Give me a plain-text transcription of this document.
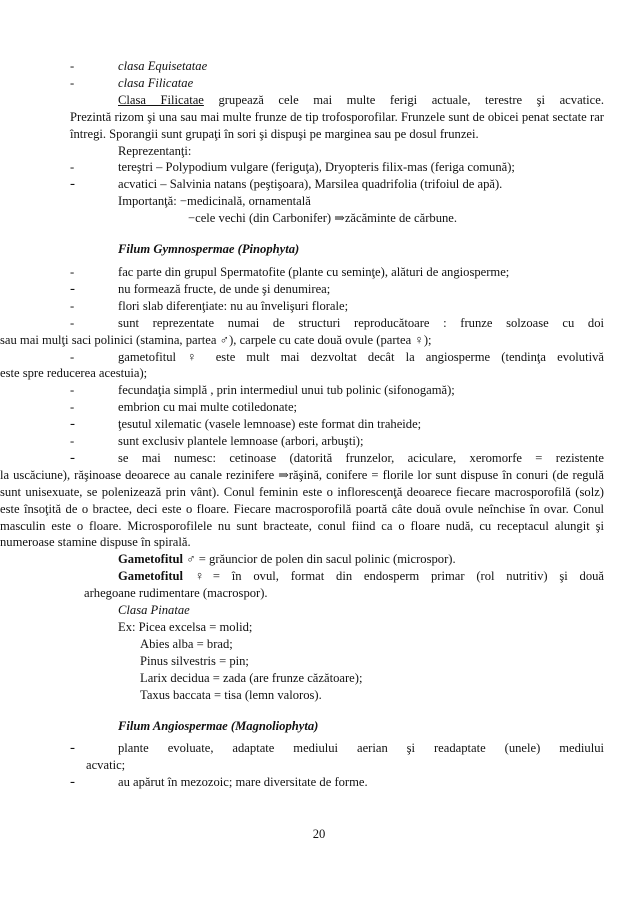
-	clasa Equisetatae
-	clasa Filicatae
Clasa Filicatae grupează cele mai multe ferigi actuale, terestre şi acvatice.
Prezintă rizom şi una sau mai multe frunze de tip trofosporofilar. Frunzele sunt de obicei penat sectate rar întregi. Sporangii sunt grupaţi în sori şi dispuşi pe marginea sau pe dosul frunzei.
Reprezentanţi:
-	tereştri – Polypodium vulgare (feriguţa), Dryopteris filix-mas (feriga comună);
-	acvatici – Salvinia natans (peştişoara), Marsilea quadrifolia (trifoiul de apă).
Importanţă: −medicinală, ornamentală
−cele vechi (din Carbonifer) ⇒zăcăminte de cărbune.
Filum Gymnospermae (Pinophyta)
-	fac parte din grupul Spermatofite (plante cu seminţe), alături de angiosperme;
-	nu formează fructe, de unde şi denumirea;
-	flori slab diferenţiate: nu au învelişuri florale;
-	sunt reprezentate numai de structuri reproducătoare : frunze solzoase cu doi
sau mai mulţi saci polinici (stamina, partea ♂), carpele cu cate două ovule (partea ♀);
-	gametofitul ♀ este mult mai dezvoltat decât la angiosperme (tendinţa evolutivă
este spre reducerea acestuia);
-	fecundaţia simplă , prin intermediul unui tub polinic (sifonogamă);
-	embrion cu mai multe cotiledonate;
-	ţesutul xilematic (vasele lemnoase) este format din traheide;
-	sunt exclusiv plantele lemnoase (arbori, arbuşti);
-	se mai numesc: cetinoase (datorită frunzelor, aciculare, xeromorfe = rezistente
la uscăciune), răşinoase deoarece au canale rezinifere ⇒răşină, conifere = florile lor sunt dispuse în conuri (de regulă sunt unisexuate, se polenizează prin vânt). Conul feminin este o inflorescenţă deoarece fiecare macrosporofilă (solz) este însoţită de o bractee, deci este o floare. Fiecare macrosporofilă poartă câte două ovule neînchise în ovar. Conul masculin este o floare. Microsporofilele nu sunt bracteate, conul fiind ca o floare nudă, cu receptacul alungit şi numeroase stamine dispuse în spirală.
Gametofitul ♂ = grăuncior de polen din sacul polinic (microspor).
Gametofitul ♀= în ovul, format din endosperm primar (rol nutritiv) şi două
arhegoane rudimentare (macrospor).
Clasa Pinatae
Ex: Picea excelsa = molid;
Abies alba = brad;
Pinus silvestris = pin;
Larix decidua = zada (are frunze căzătoare);
Taxus baccata = tisa (lemn valoros).
Filum Angiospermae (Magnoliophyta)
-	plante evoluate, adaptate mediului aerian şi readaptate (unele) mediului
acvatic;
-	au apărut în mezozoic; mare diversitate de forme.
20
